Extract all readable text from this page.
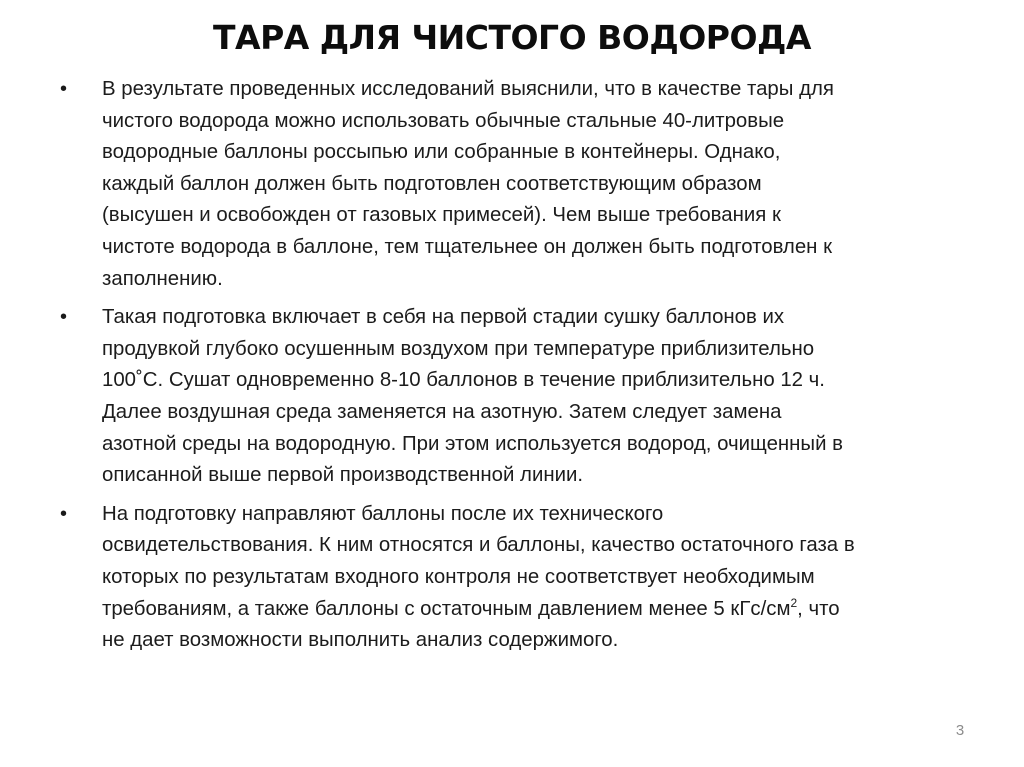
ТАРА ДЛЯ ЧИСТОГО ВОДОРОДА
•	В результате проведенных исследований выяснили, что в качестве тары для
чистого водорода можно использовать обычные стальные 40-литровые
водородные баллоны россыпью или собранные в контейнеры. Однако,
каждый баллон должен быть подготовлен соответствующим образом
(высушен и освобожден от газовых примесей). Чем выше требования к
чистоте водорода в баллоне, тем тщательнее он должен быть подготовлен к
заполнению.
•	Такая подготовка включает в себя на первой стадии сушку баллонов их
продувкой глубоко осушенным воздухом при температуре приблизительно
100˚С. Сушат одновременно 8-10 баллонов в течение приблизительно 12 ч.
Далее воздушная среда заменяется на азотную. Затем следует замена
азотной среды на водородную. При этом используется водород, очищенный в
описанной выше первой производственной линии.
•	На подготовку направляют баллоны после их технического
освидетельствования. К ним относятся и баллоны, качество остаточного газа в
которых по результатам входного контроля не соответствует необходимым
требованиям, а также баллоны с остаточным давлением менее 5 кГс/$см^2$, что
не дает возможности выполнить анализ содержимого.
3
